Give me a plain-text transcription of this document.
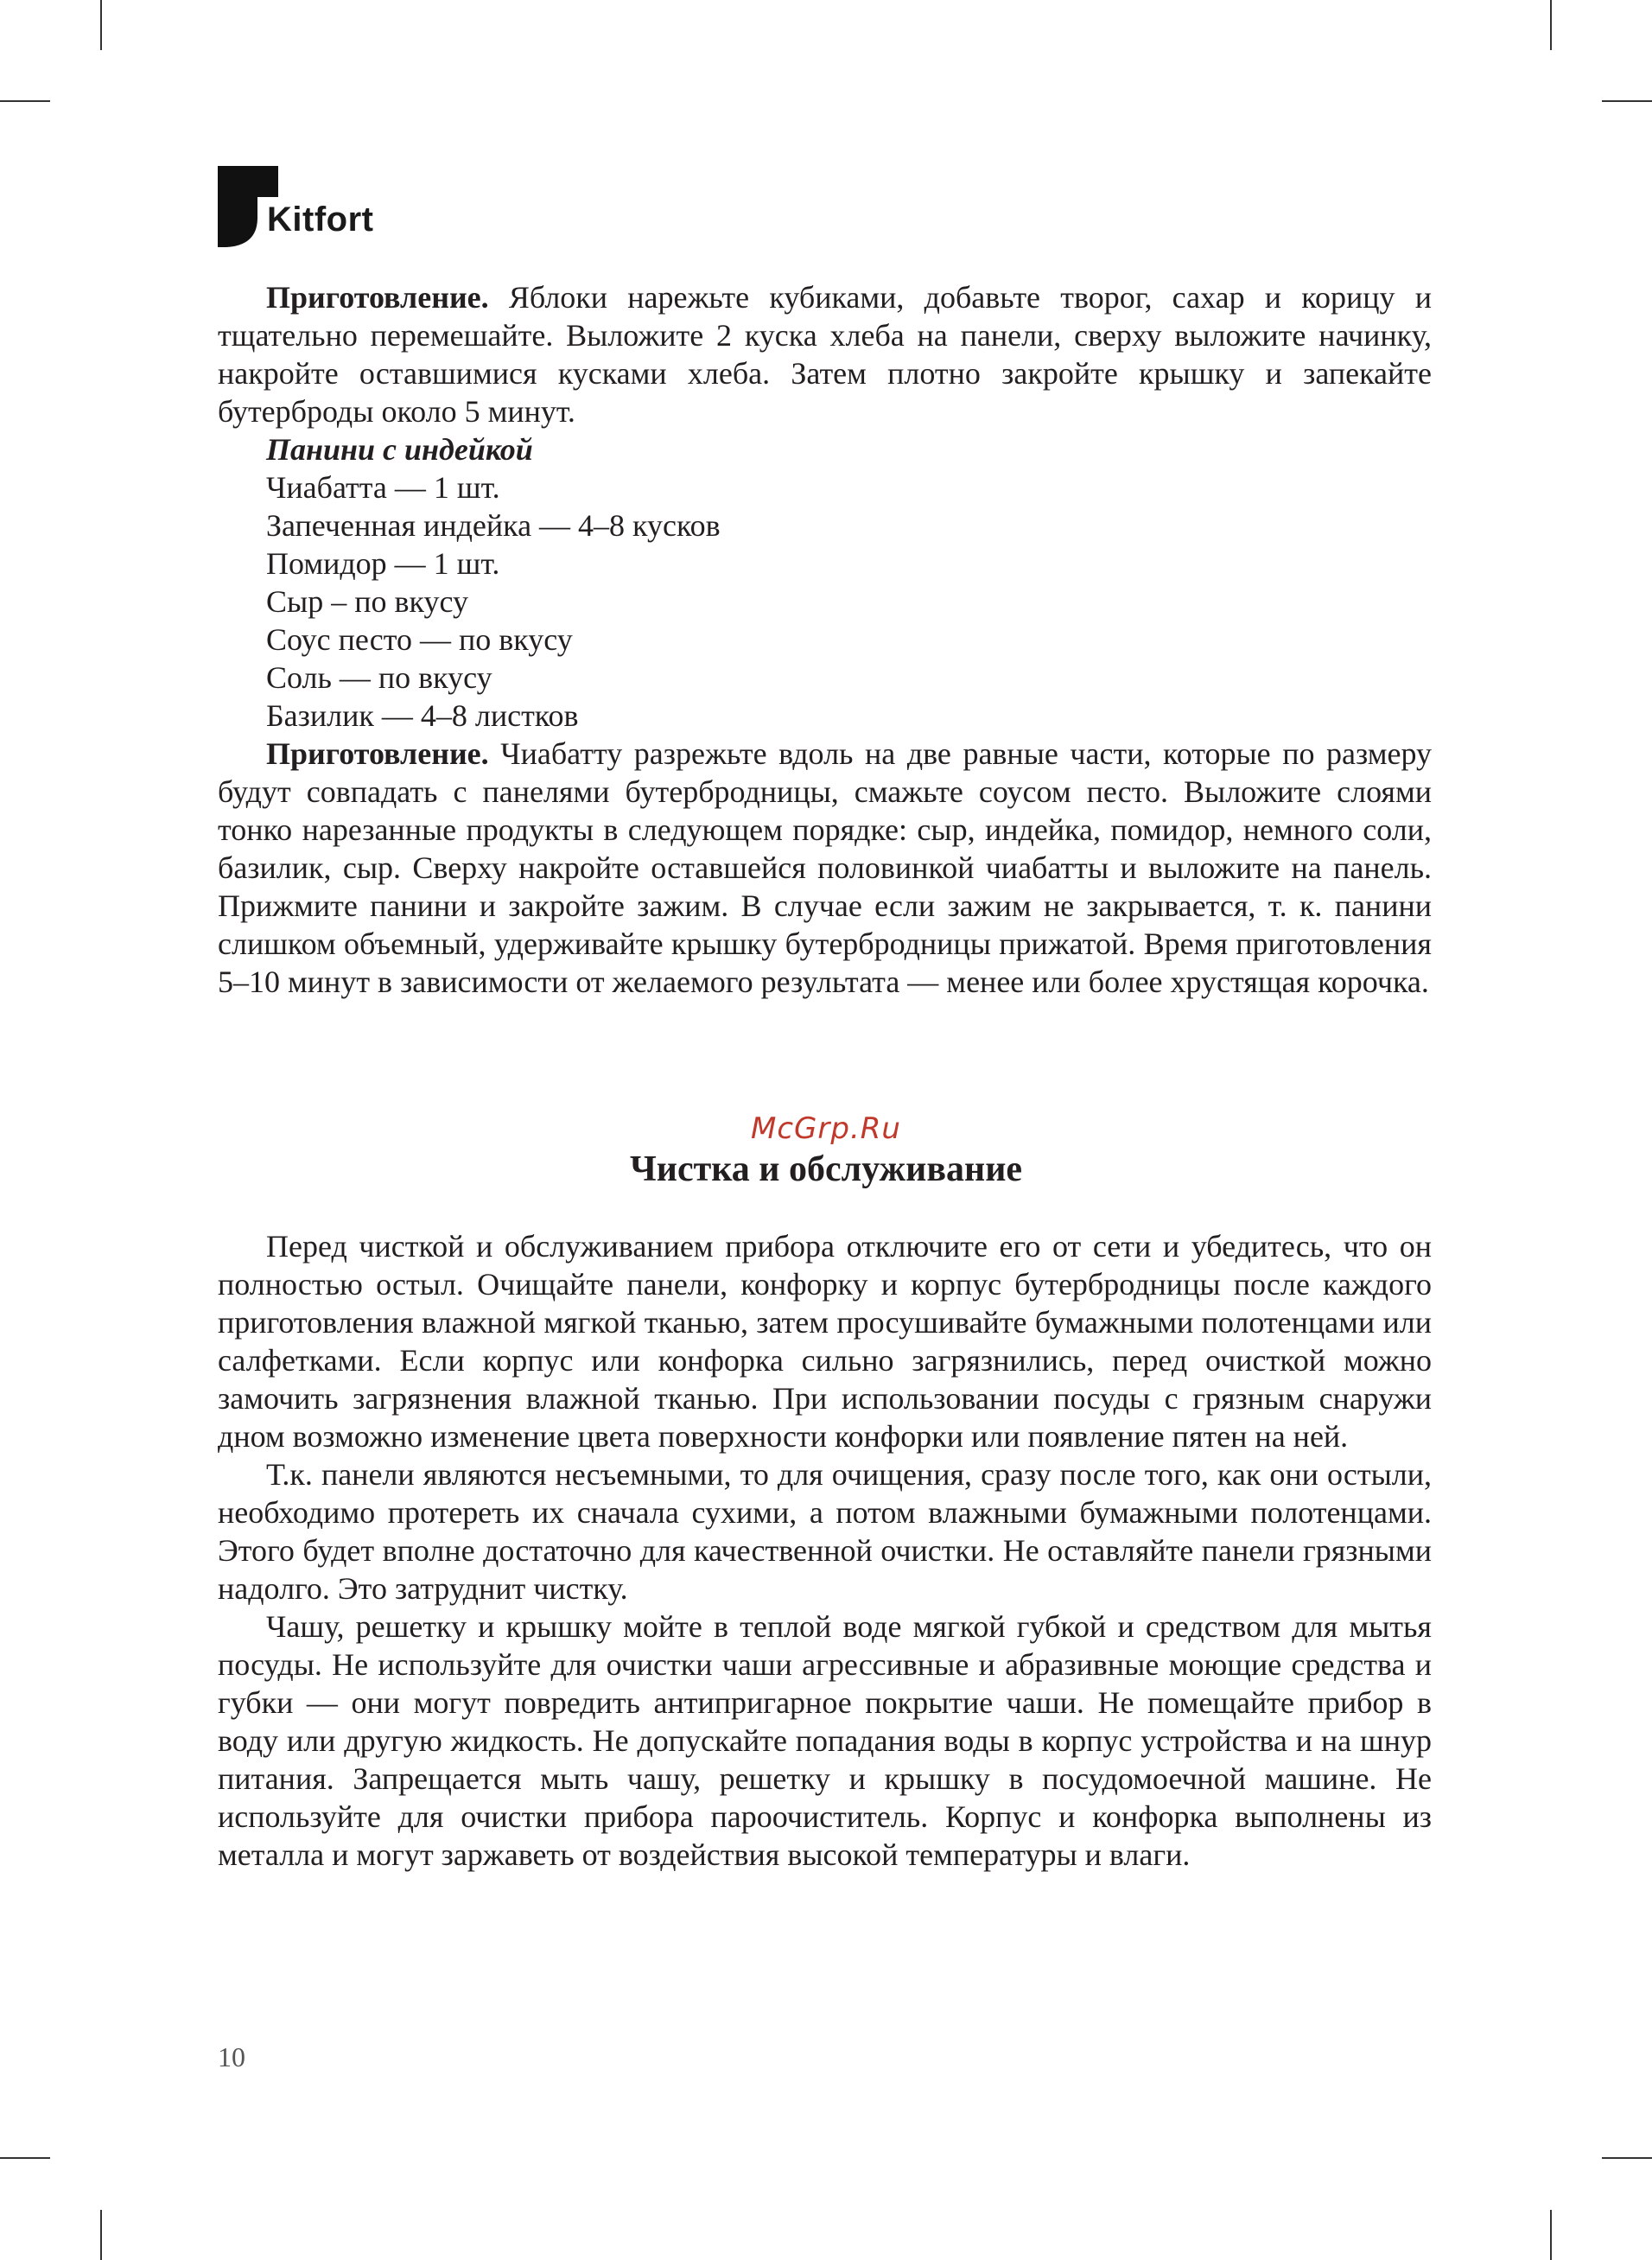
Kitfort

Приготовление. Яблоки нарежьте кубиками, добавьте творог, сахар и корицу и тщательно перемешайте. Выложите 2 куска хлеба на панели, сверху выложите начинку, накройте оставшимися кусками хлеба. Затем плотно закройте крышку и запекайте бутерброды около 5 минут.

Панини с индейкой
Чиабатта — 1 шт.
Запеченная индейка — 4–8 кусков
Помидор — 1 шт.
Сыр – по вкусу
Соус песто — по вкусу
Соль — по вкусу
Базилик — 4–8 листков

Приготовление. Чиабатту разрежьте вдоль на две равные части, которые по размеру будут совпадать с панелями бутербродницы, смажьте соусом песто. Выложите слоями тонко нарезанные продукты в следующем порядке: сыр, индейка, помидор, немного соли, базилик, сыр. Сверху накройте оставшейся половинкой чиабатты и выложите на панель. Прижмите панини и закройте зажим. В случае если зажим не закрывается, т. к. панини слишком объемный, удерживайте крышку бутербродницы прижатой. Время приготовления 5–10 минут в зависимости от желаемого результата — менее или более хрустящая корочка.

McGrp.Ru
Чистка и обслуживание

Перед чисткой и обслуживанием прибора отключите его от сети и убедитесь, что он полностью остыл. Очищайте панели, конфорку и корпус бутербродницы после каждого приготовления влажной мягкой тканью, затем просушивайте бумажными полотенцами или салфетками. Если корпус или конфорка сильно загрязнились, перед очисткой можно замочить загрязнения влажной тканью. При использовании посуды с грязным снаружи дном возможно изменение цвета поверхности конфорки или появление пятен на ней.

Т.к. панели являются несъемными, то для очищения, сразу после того, как они остыли, необходимо протереть их сначала сухими, а потом влажными бумажными полотенцами. Этого будет вполне достаточно для качественной очистки. Не оставляйте панели грязными надолго. Это затруднит чистку.

Чашу, решетку и крышку мойте в теплой воде мягкой губкой и средством для мытья посуды. Не используйте для очистки чаши агрессивные и абразивные моющие средства и губки — они могут повредить антипригарное покрытие чаши. Не помещайте прибор в воду или другую жидкость. Не допускайте попадания воды в корпус устройства и на шнур питания. Запрещается мыть чашу, решетку и крышку в посудомоечной машине. Не используйте для очистки прибора пароочиститель. Корпус и конфорка выполнены из металла и могут заржаветь от воздействия высокой температуры и влаги.

10
